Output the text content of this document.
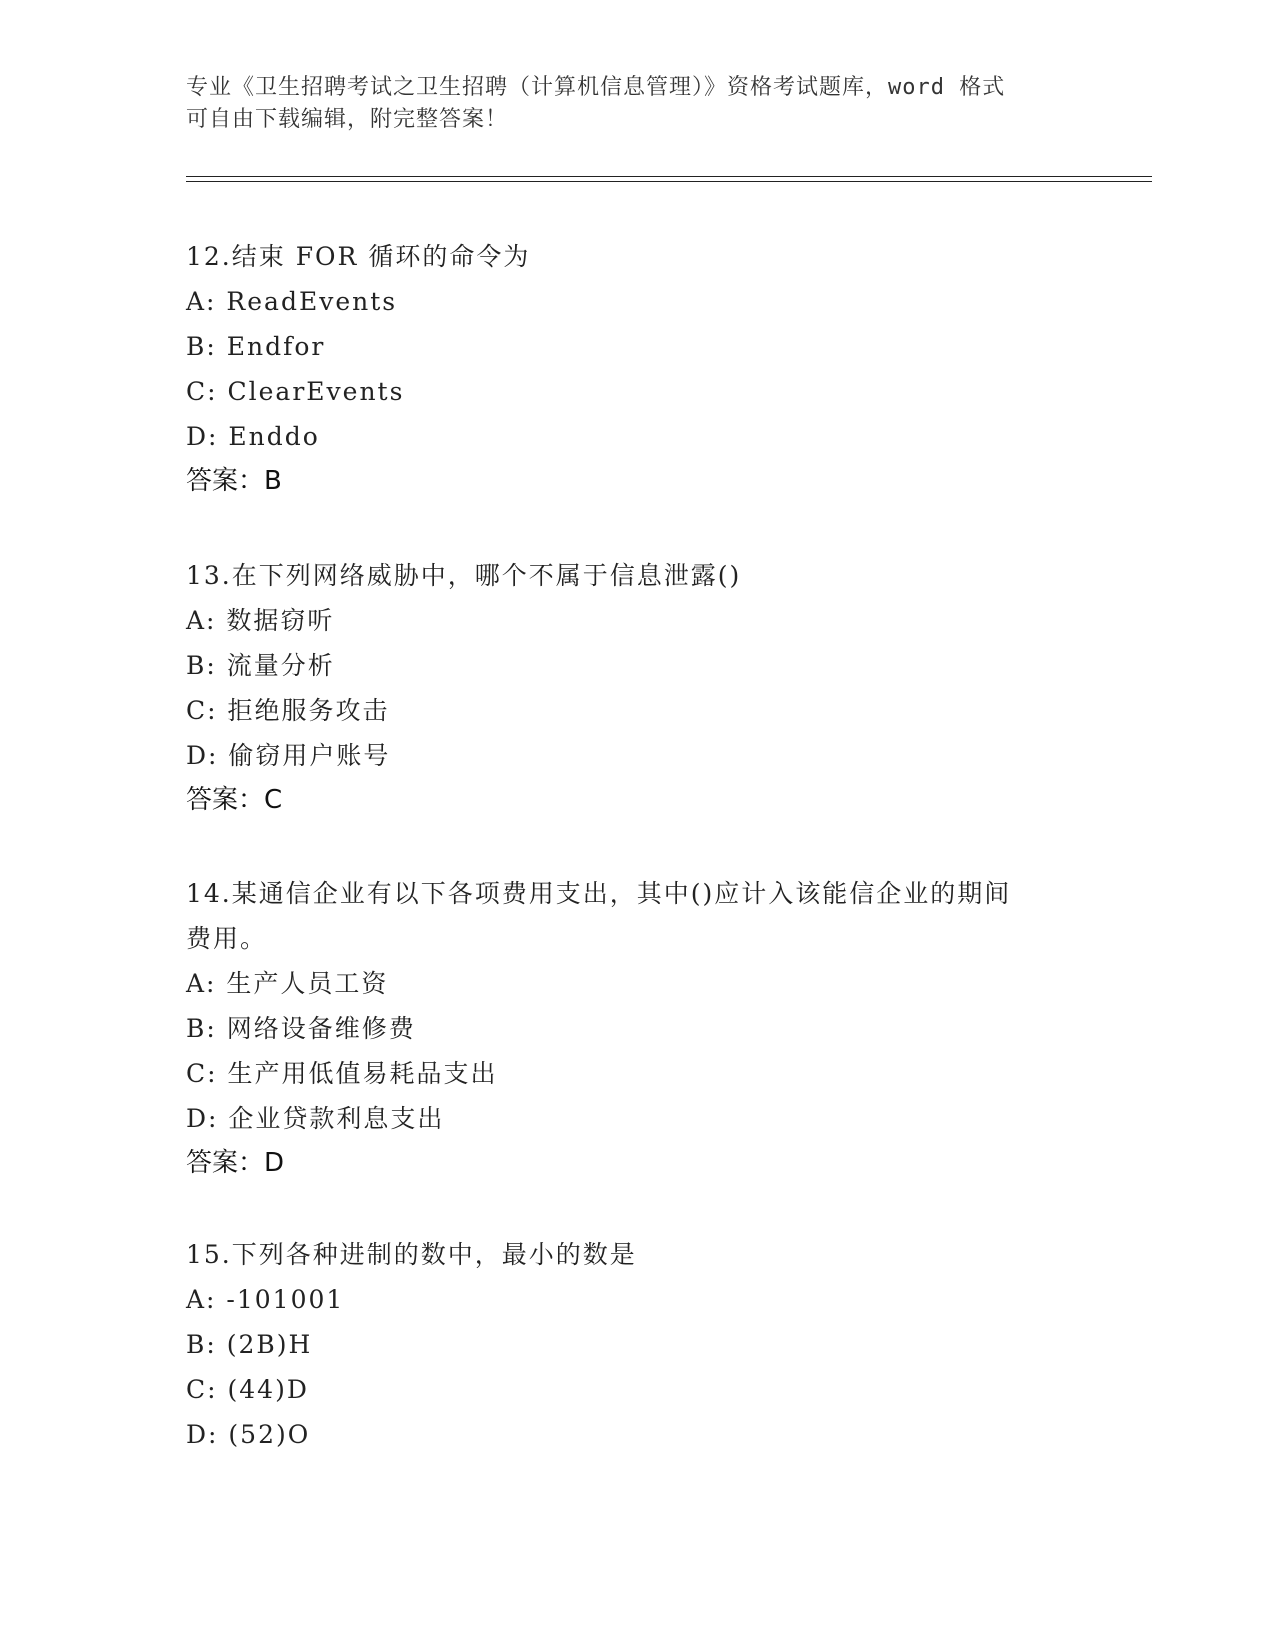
专业《卫生招聘考试之卫生招聘（计算机信息管理）》资格考试题库，word 格式
可自由下载编辑，附完整答案！

12.结束 FOR 循环的命令为

A: ReadEvents

B: Endfor

C: ClearEvents

D: Enddo

答案：B

13.在下列网络威胁中，哪个不属于信息泄露()

A: 数据窃听

B: 流量分析

C: 拒绝服务攻击

D: 偷窃用户账号

答案：C

14.某通信企业有以下各项费用支出，其中()应计入该能信企业的期间

费用。

A: 生产人员工资

B: 网络设备维修费

C: 生产用低值易耗品支出

D: 企业贷款利息支出

答案：D

15.下列各种进制的数中，最小的数是

A: -101001

B: (2B)H

C: (44)D

D: (52)O
